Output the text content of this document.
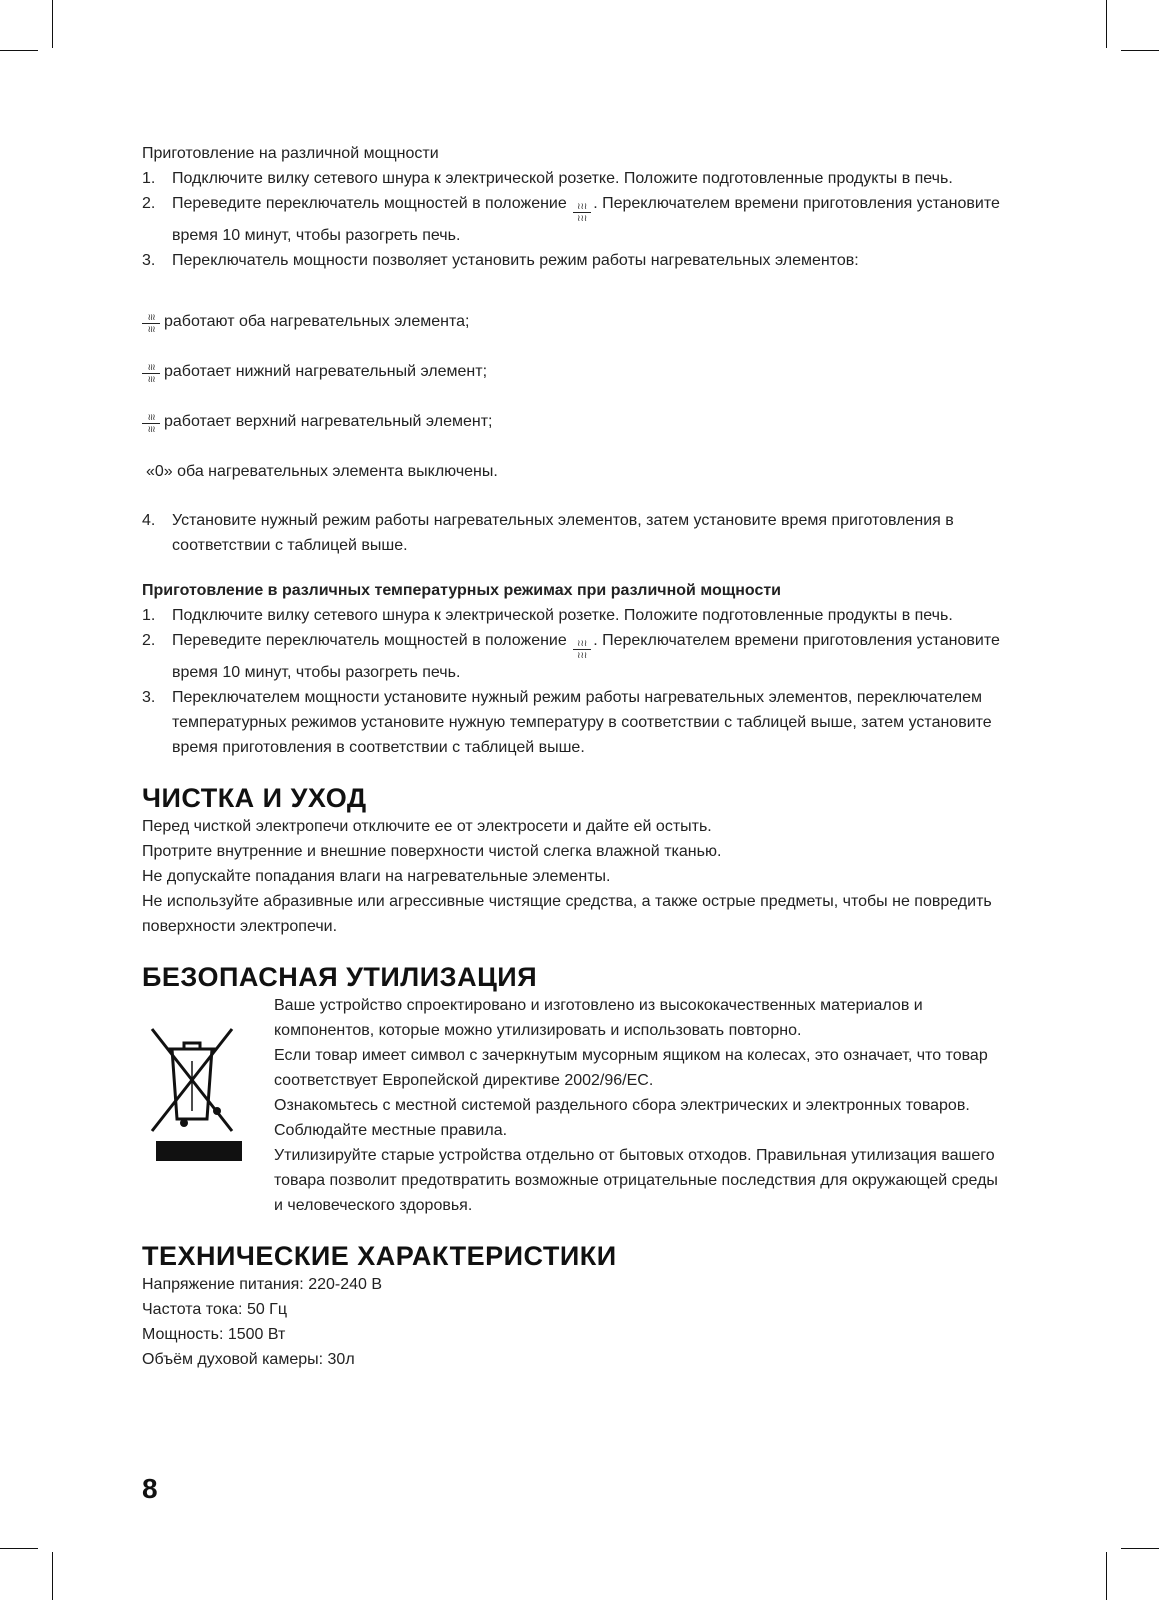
Приготовление на различной мощности
1. Подключите вилку сетевого шнура к электрической розетке. Положите подготовленные продукты в печь.
2. Переведите переключатель мощностей в положение ≀≀≀
≀≀≀. Переключателем времени приготовления установите время 10 минут, чтобы разогреть печь.
3. Переключатель мощности позволяет установить режим работы нагревательных элементов:
≀≀≀
≀≀≀ работают оба нагревательных элемента;
≀≀≀
≀≀≀ работает нижний нагревательный элемент;
≀≀≀
≀≀≀ работает верхний нагревательный элемент;
«0» оба нагревательных элемента выключены.
4. Установите нужный режим работы нагревательных элементов, затем установите время приготовления в соответствии с таблицей выше.
Приготовление в различных температурных режимах при различной мощности
1. Подключите вилку сетевого шнура к электрической розетке. Положите подготовленные продукты в печь.
2. Переведите переключатель мощностей в положение ≀≀≀
≀≀≀. Переключателем времени приготовления установите время 10 минут, чтобы разогреть печь.
3. Переключателем мощности установите нужный режим работы нагревательных элементов, переключателем температурных режимов установите нужную температуру в соответствии с таблицей выше, затем установите время приготовления в соответствии с таблицей выше.
ЧИСТКА И УХОД
Перед чисткой электропечи отключите ее от электросети и дайте ей остыть.
Протрите внутренние и внешние поверхности чистой слегка влажной тканью.
Не допускайте попадания влаги на нагревательные элементы.
Не используйте абразивные или агрессивные чистящие средства, а также острые предметы, чтобы не повредить поверхности электропечи.
БЕЗОПАСНАЯ УТИЛИЗАЦИЯ
Ваше устройство спроектировано и изготовлено из высококачественных материалов и компонентов, которые можно утилизировать и использовать повторно.
Если товар имеет символ с зачеркнутым мусорным ящиком на колесах, это означает, что товар соответствует Европейской директиве 2002/96/EC.
Ознакомьтесь с местной системой раздельного сбора электрических и электронных товаров. Соблюдайте местные правила.
Утилизируйте старые устройства отдельно от бытовых отходов. Правильная утилизация вашего товара позволит предотвратить возможные отрицательные последствия для окружающей среды и человеческого здоровья.
ТЕХНИЧЕСКИЕ ХАРАКТЕРИСТИКИ
Напряжение питания: 220-240 В
Частота тока: 50 Гц
Мощность: 1500 Вт
Объём духовой камеры: 30л
8
